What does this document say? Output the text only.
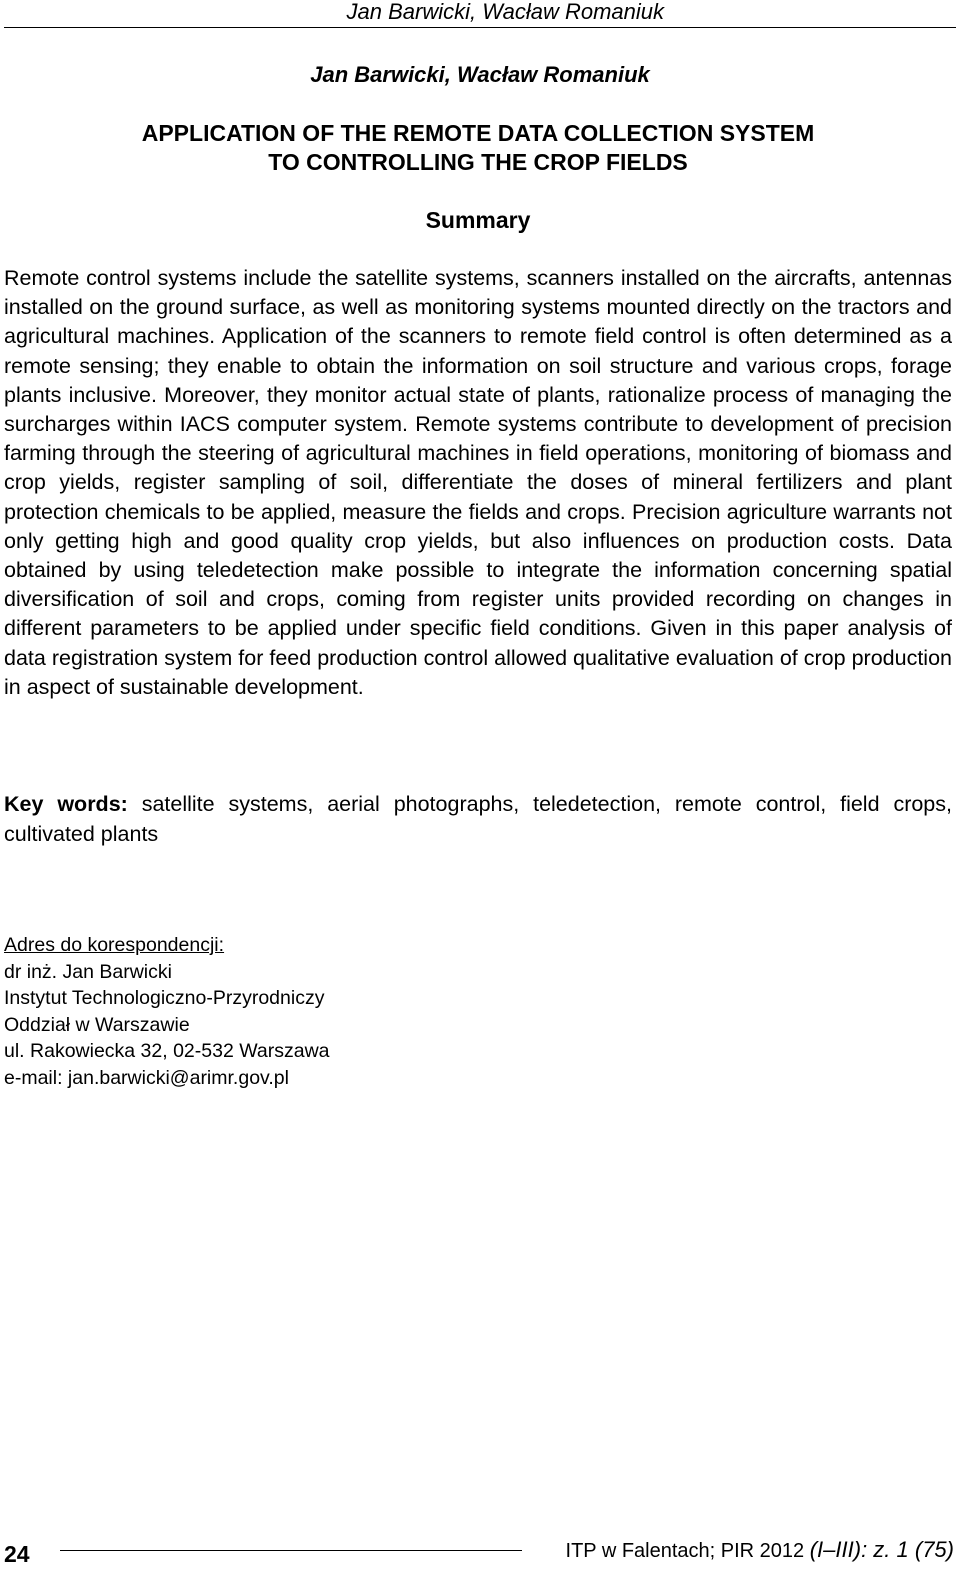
Jan Barwicki, Wacław Romaniuk
Jan Barwicki, Wacław Romaniuk
APPLICATION OF THE REMOTE DATA COLLECTION SYSTEM
TO CONTROLLING THE CROP FIELDS
Summary

Remote control systems include the satellite systems, scanners installed on the aircrafts, antennas installed on the ground surface, as well as monitoring systems mounted directly on the tractors and agricultural machines. Application of the scanners to remote field control is often determined as a remote sensing; they enable to obtain the information on soil structure and various crops, forage plants inclusive. Moreover, they monitor actual state of plants, rationalize process of managing the surcharges within IACS computer system. Remote systems contribute to development of precision farming through the steering of agricultural machines in field operations, monitoring of biomass and crop yields, register sampling of soil, differentiate the doses of mineral fertilizers and plant protection chemicals to be applied, measure the fields and crops. Precision agriculture warrants not only getting high and good quality crop yields, but also influences on production costs. Data obtained by using teledetection make possible to integrate the information concerning spatial diversification of soil and crops, coming from register units provided recording on changes in different parameters to be applied under specific field conditions. Given in this paper analysis of data registration system for feed production control allowed qualitative evaluation of crop production in aspect of sustainable development.

Key words: satellite systems, aerial photographs, teledetection, remote control, field crops, cultivated plants

Adres do korespondencji:
dr inż. Jan Barwicki
Instytut Technologiczno-Przyrodniczy
Oddział w Warszawie
ul. Rakowiecka 32, 02-532 Warszawa
e-mail: jan.barwicki@arimr.gov.pl
24	ITP w Falentach; PIR 2012 (I–III): z. 1 (75)
